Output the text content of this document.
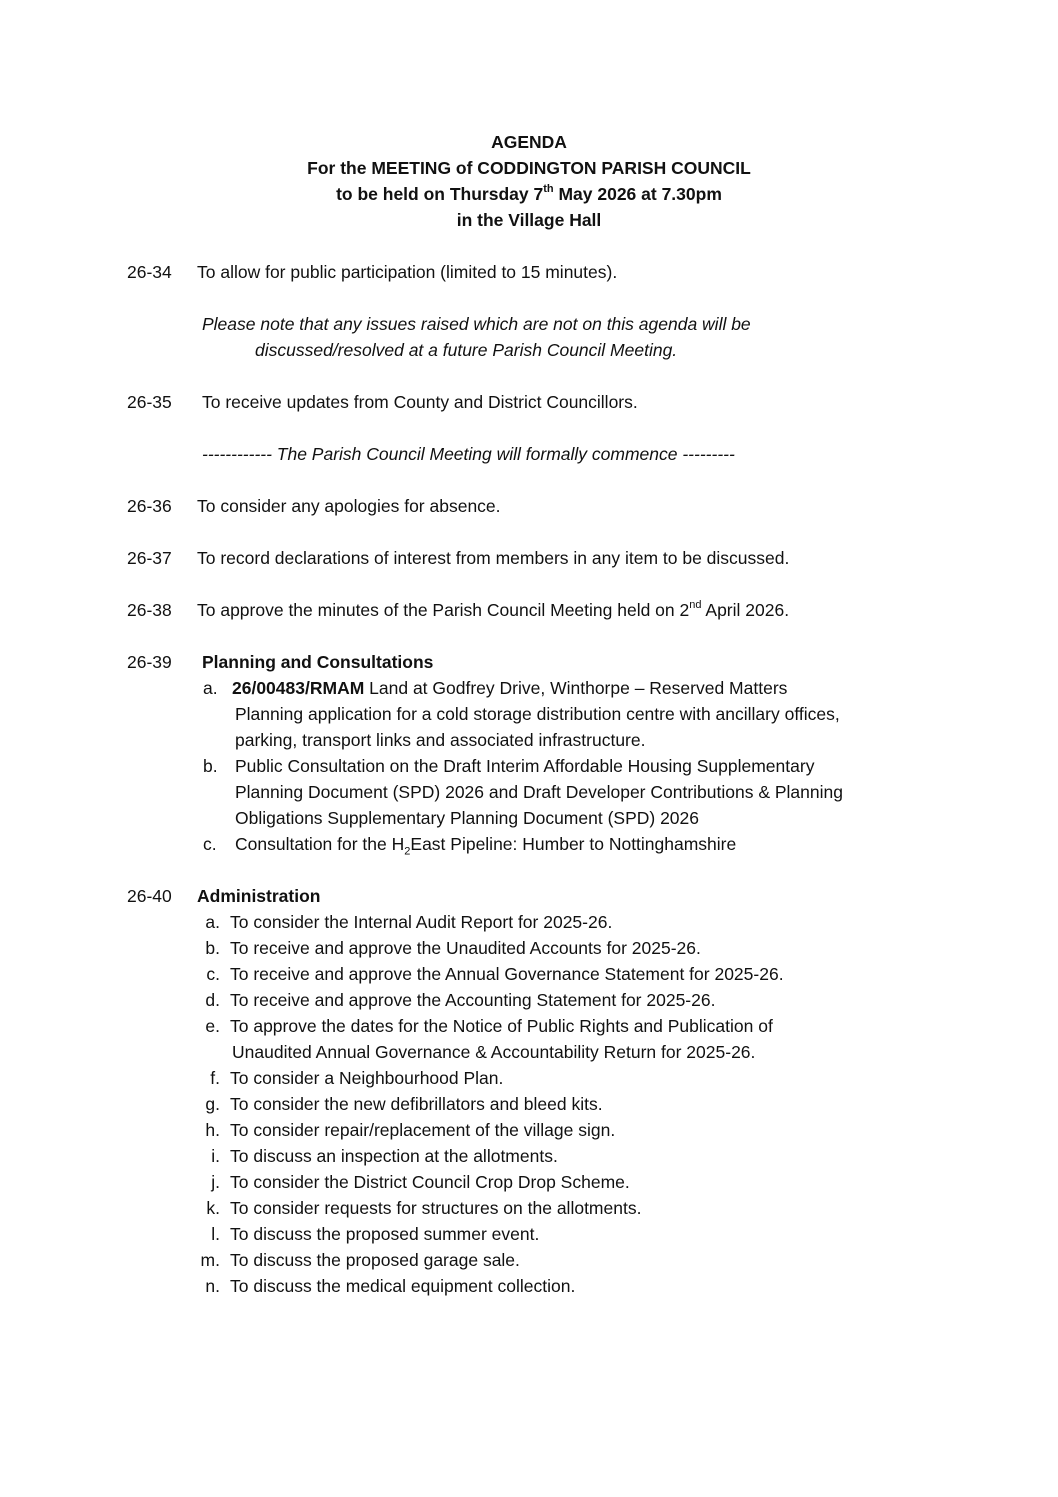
AGENDA
For the MEETING of CODDINGTON PARISH COUNCIL
to be held on Thursday 7th May 2026 at 7.30pm
in the Village Hall
26-34 To allow for public participation (limited to 15 minutes).
Please note that any issues raised which are not on this agenda will be
discussed/resolved at a future Parish Council Meeting.
26-35 To receive updates from County and District Councillors.
------------ The Parish Council Meeting will formally commence ---------
26-36 To consider any apologies for absence.
26-37 To record declarations of interest from members in any item to be discussed.
26-38 To approve the minutes of the Parish Council Meeting held on 2nd April 2026.
26-39 Planning and Consultations
a. 26/00483/RMAM Land at Godfrey Drive, Winthorpe – Reserved Matters
Planning application for a cold storage distribution centre with ancillary offices,
parking, transport links and associated infrastructure.
b. Public Consultation on the Draft Interim Affordable Housing Supplementary
Planning Document (SPD) 2026 and Draft Developer Contributions & Planning
Obligations Supplementary Planning Document (SPD) 2026
c. Consultation for the $H_2East$ Pipeline: Humber to Nottinghamshire
26-40 Administration
a. To consider the Internal Audit Report for 2025-26.
b. To receive and approve the Unaudited Accounts for 2025-26.
c. To receive and approve the Annual Governance Statement for 2025-26.
d. To receive and approve the Accounting Statement for 2025-26.
e. To approve the dates for the Notice of Public Rights and Publication of
Unaudited Annual Governance & Accountability Return for 2025-26.
f. To consider a Neighbourhood Plan.
g. To consider the new defibrillators and bleed kits.
h. To consider repair/replacement of the village sign.
i. To discuss an inspection at the allotments.
j. To consider the District Council Crop Drop Scheme.
k. To consider requests for structures on the allotments.
l. To discuss the proposed summer event.
m. To discuss the proposed garage sale.
n. To discuss the medical equipment collection.
